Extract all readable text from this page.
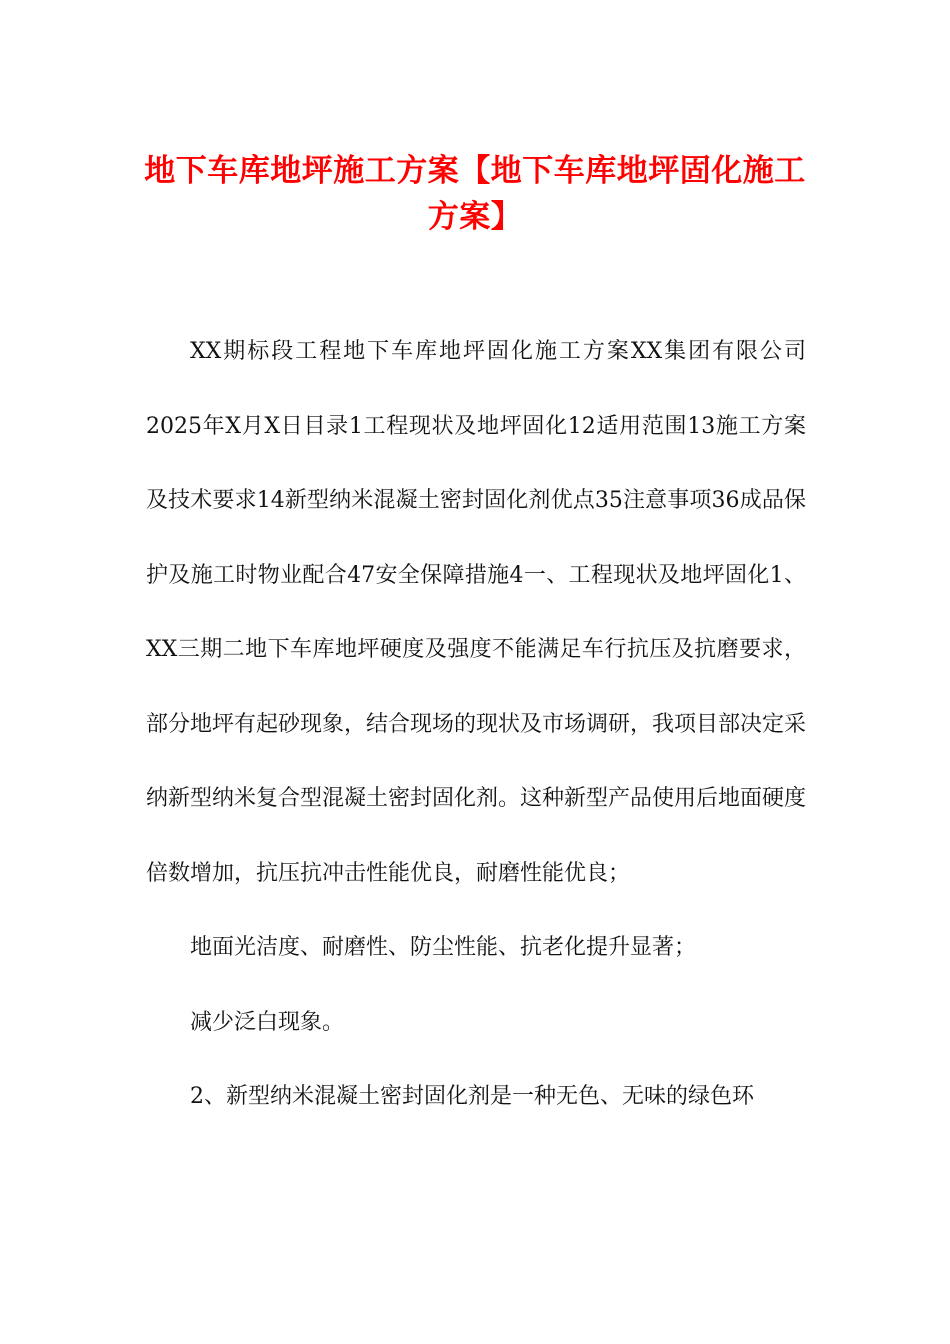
地下车库地坪施工方案【地下车库地坪固化施工方案】

XX期标段工程地下车库地坪固化施工方案XX集团有限公司2025年X月X日目录1工程现状及地坪固化12适用范围13施工方案及技术要求14新型纳米混凝土密封固化剂优点35注意事项36成品保护及施工时物业配合47安全保障措施4一、工程现状及地坪固化1、XX三期二地下车库地坪硬度及强度不能满足车行抗压及抗磨要求，部分地坪有起砂现象，结合现场的现状及市场调研，我项目部决定采纳新型纳米复合型混凝土密封固化剂。这种新型产品使用后地面硬度倍数增加，抗压抗冲击性能优良，耐磨性能优良；

地面光洁度、耐磨性、防尘性能、抗老化提升显著；

减少泛白现象。

2、新型纳米混凝土密封固化剂是一种无色、无味的绿色环
